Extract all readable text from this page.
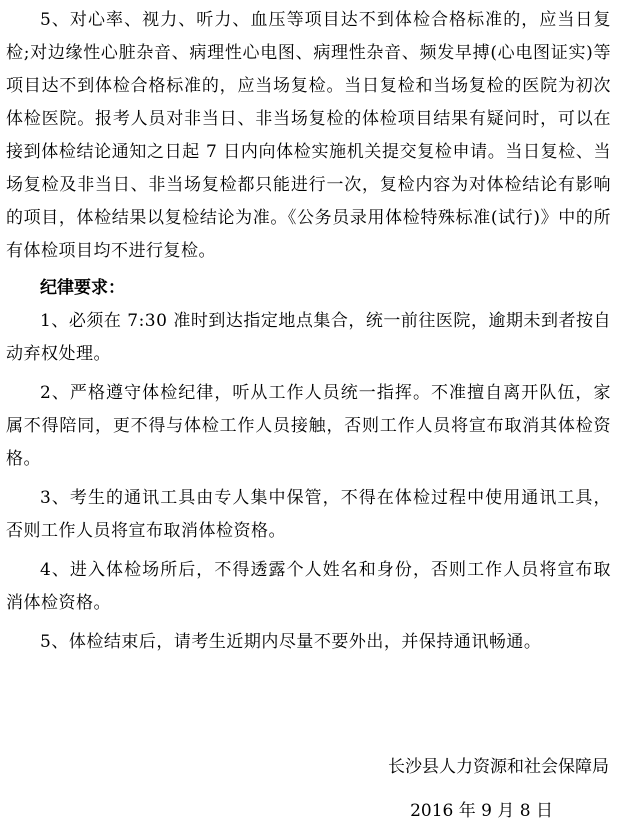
5、对心率、视力、听力、血压等项目达不到体检合格标准的，应当日复检;对边缘性心脏杂音、病理性心电图、病理性杂音、频发早搏(心电图证实)等项目达不到体检合格标准的，应当场复检。当日复检和当场复检的医院为初次体检医院。报考人员对非当日、非当场复检的体检项目结果有疑问时，可以在接到体检结论通知之日起 7 日内向体检实施机关提交复检申请。当日复检、当场复检及非当日、非当场复检都只能进行一次，复检内容为对体检结论有影响的项目，体检结果以复检结论为准。《公务员录用体检特殊标准(试行)》中的所有体检项目均不进行复检。

纪律要求：

1、必须在 7:30 准时到达指定地点集合，统一前往医院，逾期未到者按自动弃权处理。

2、严格遵守体检纪律，听从工作人员统一指挥。不准擅自离开队伍，家属不得陪同，更不得与体检工作人员接触，否则工作人员将宣布取消其体检资格。

3、考生的通讯工具由专人集中保管，不得在体检过程中使用通讯工具，否则工作人员将宣布取消体检资格。

4、进入体检场所后，不得透露个人姓名和身份，否则工作人员将宣布取消体检资格。

5、体检结束后，请考生近期内尽量不要外出，并保持通讯畅通。

长沙县人力资源和社会保障局
2016 年 9 月 8 日
